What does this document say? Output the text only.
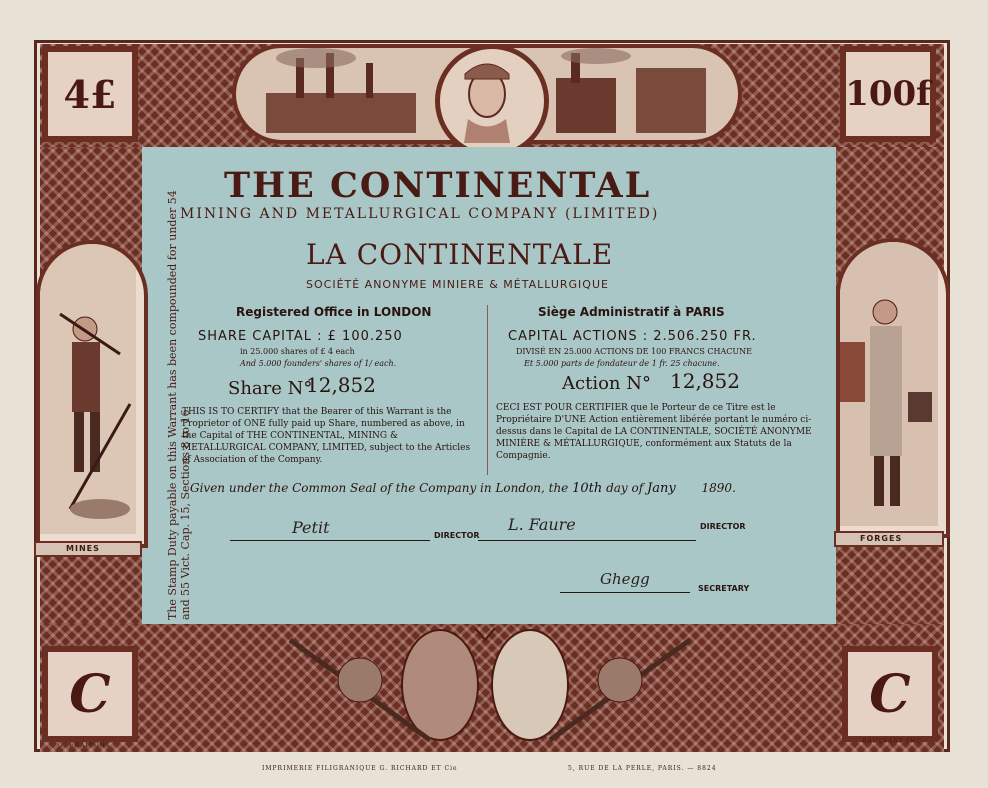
4£	100f
MINES
FORGES
C	C
The Stamp Duty payable on this Warrant has been compounded for under 54 and 55 Vict. Cap. 15, Sections 8 to 16
THE CONTINENTAL
MINING AND METALLURGICAL COMPANY (LIMITED)
LA CONTINENTALE
SOCIÉTÉ ANONYME MINIERE & MÉTALLURGIQUE
Registered Office in LONDON
SHARE CAPITAL : £ 100.250
in 25.000 shares of £ 4 each
And 5.000 founders' shares of 1/ each.
Share N°
12,852
THIS IS TO CERTIFY that the Bearer of this Warrant is the Proprietor of ONE fully paid up Share, numbered as above, in the Capital of THE CONTINENTAL, MINING & METALLURGICAL COMPANY, LIMITED, subject to the Articles of Association of the Company.
Siège Administratif à PARIS
CAPITAL ACTIONS : 2.506.250 FR.
DIVISÉ EN 25.000 ACTIONS DE 100 FRANCS CHACUNE
Et 5.000 parts de fondateur de 1 fr. 25 chacune.
Action N° 12,852
CECI EST POUR CERTIFIER que le Porteur de ce Titre est le Propriétaire D'UNE Action entièrement libérée portant le numéro ci-dessus dans le Capital de LA CONTINENTALE, SOCIÉTÉ ANONYME MINIÈRE & MÉTALLURGIQUE, conformément aux Statuts de la Compagnie.
Given under the Common Seal of the Company in London, the 10th day of Jany 1890.
Petit	DIRECTOR
L. Faure	DIRECTOR
Ghegg
SECRETARY
G. FRAIPONT
IMPRIMERIE FILIGRANIQUE G. RICHARD ET Cie	5, RUE DE LA PERLE, PARIS. — 8824
BAULVART INC.
